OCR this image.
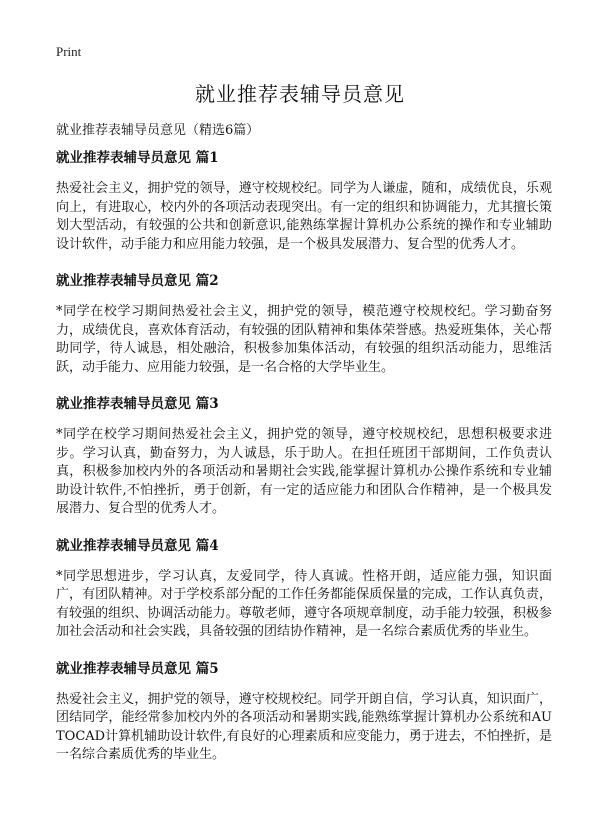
Print
就业推荐表辅导员意见

就业推荐表辅导员意见（精选6篇）

就业推荐表辅导员意见 篇1

热爱社会主义，拥护党的领导，遵守校规校纪。同学为人谦虚，随和，成绩优良，乐观向上，有进取心，校内外的各项活动表现突出。有一定的组织和协调能力，尤其擅长策划大型活动，有较强的公共和创新意识,能熟练掌握计算机办公系统的操作和专业辅助设计软件，动手能力和应用能力较强，是一个极具发展潜力、复合型的优秀人才。

就业推荐表辅导员意见 篇2

*同学在校学习期间热爱社会主义，拥护党的领导，模范遵守校规校纪。学习勤奋努力，成绩优良，喜欢体育活动，有较强的团队精神和集体荣誉感。热爱班集体，关心帮助同学，待人诚恳，相处融洽，积极参加集体活动，有较强的组织活动能力，思维活跃，动手能力、应用能力较强，是一名合格的大学毕业生。

就业推荐表辅导员意见 篇3

*同学在校学习期间热爱社会主义，拥护党的领导，遵守校规校纪，思想积极要求进步。学习认真，勤奋努力，为人诚恳，乐于助人。在担任班团干部期间，工作负责认真，积极参加校内外的各项活动和暑期社会实践,能掌握计算机办公操作系统和专业辅助设计软件,不怕挫折，勇于创新，有一定的适应能力和团队合作精神，是一个极具发展潜力、复合型的优秀人才。

就业推荐表辅导员意见 篇4

*同学思想进步，学习认真，友爱同学，待人真诚。性格开朗，适应能力强，知识面广，有团队精神。对于学校系部分配的工作任务都能保质保量的完成，工作认真负责，有较强的组织、协调活动能力。尊敬老师，遵守各项规章制度，动手能力较强，积极参加社会活动和社会实践，具备较强的团结协作精神，是一名综合素质优秀的毕业生。

就业推荐表辅导员意见 篇5

热爱社会主义，拥护党的领导，遵守校规校纪。同学开朗自信，学习认真，知识面广，团结同学，能经常参加校内外的各项活动和暑期实践,能熟练掌握计算机办公系统和AUTOCAD计算机辅助设计软件,有良好的心理素质和应变能力，勇于进去，不怕挫折，是一名综合素质优秀的毕业生。
